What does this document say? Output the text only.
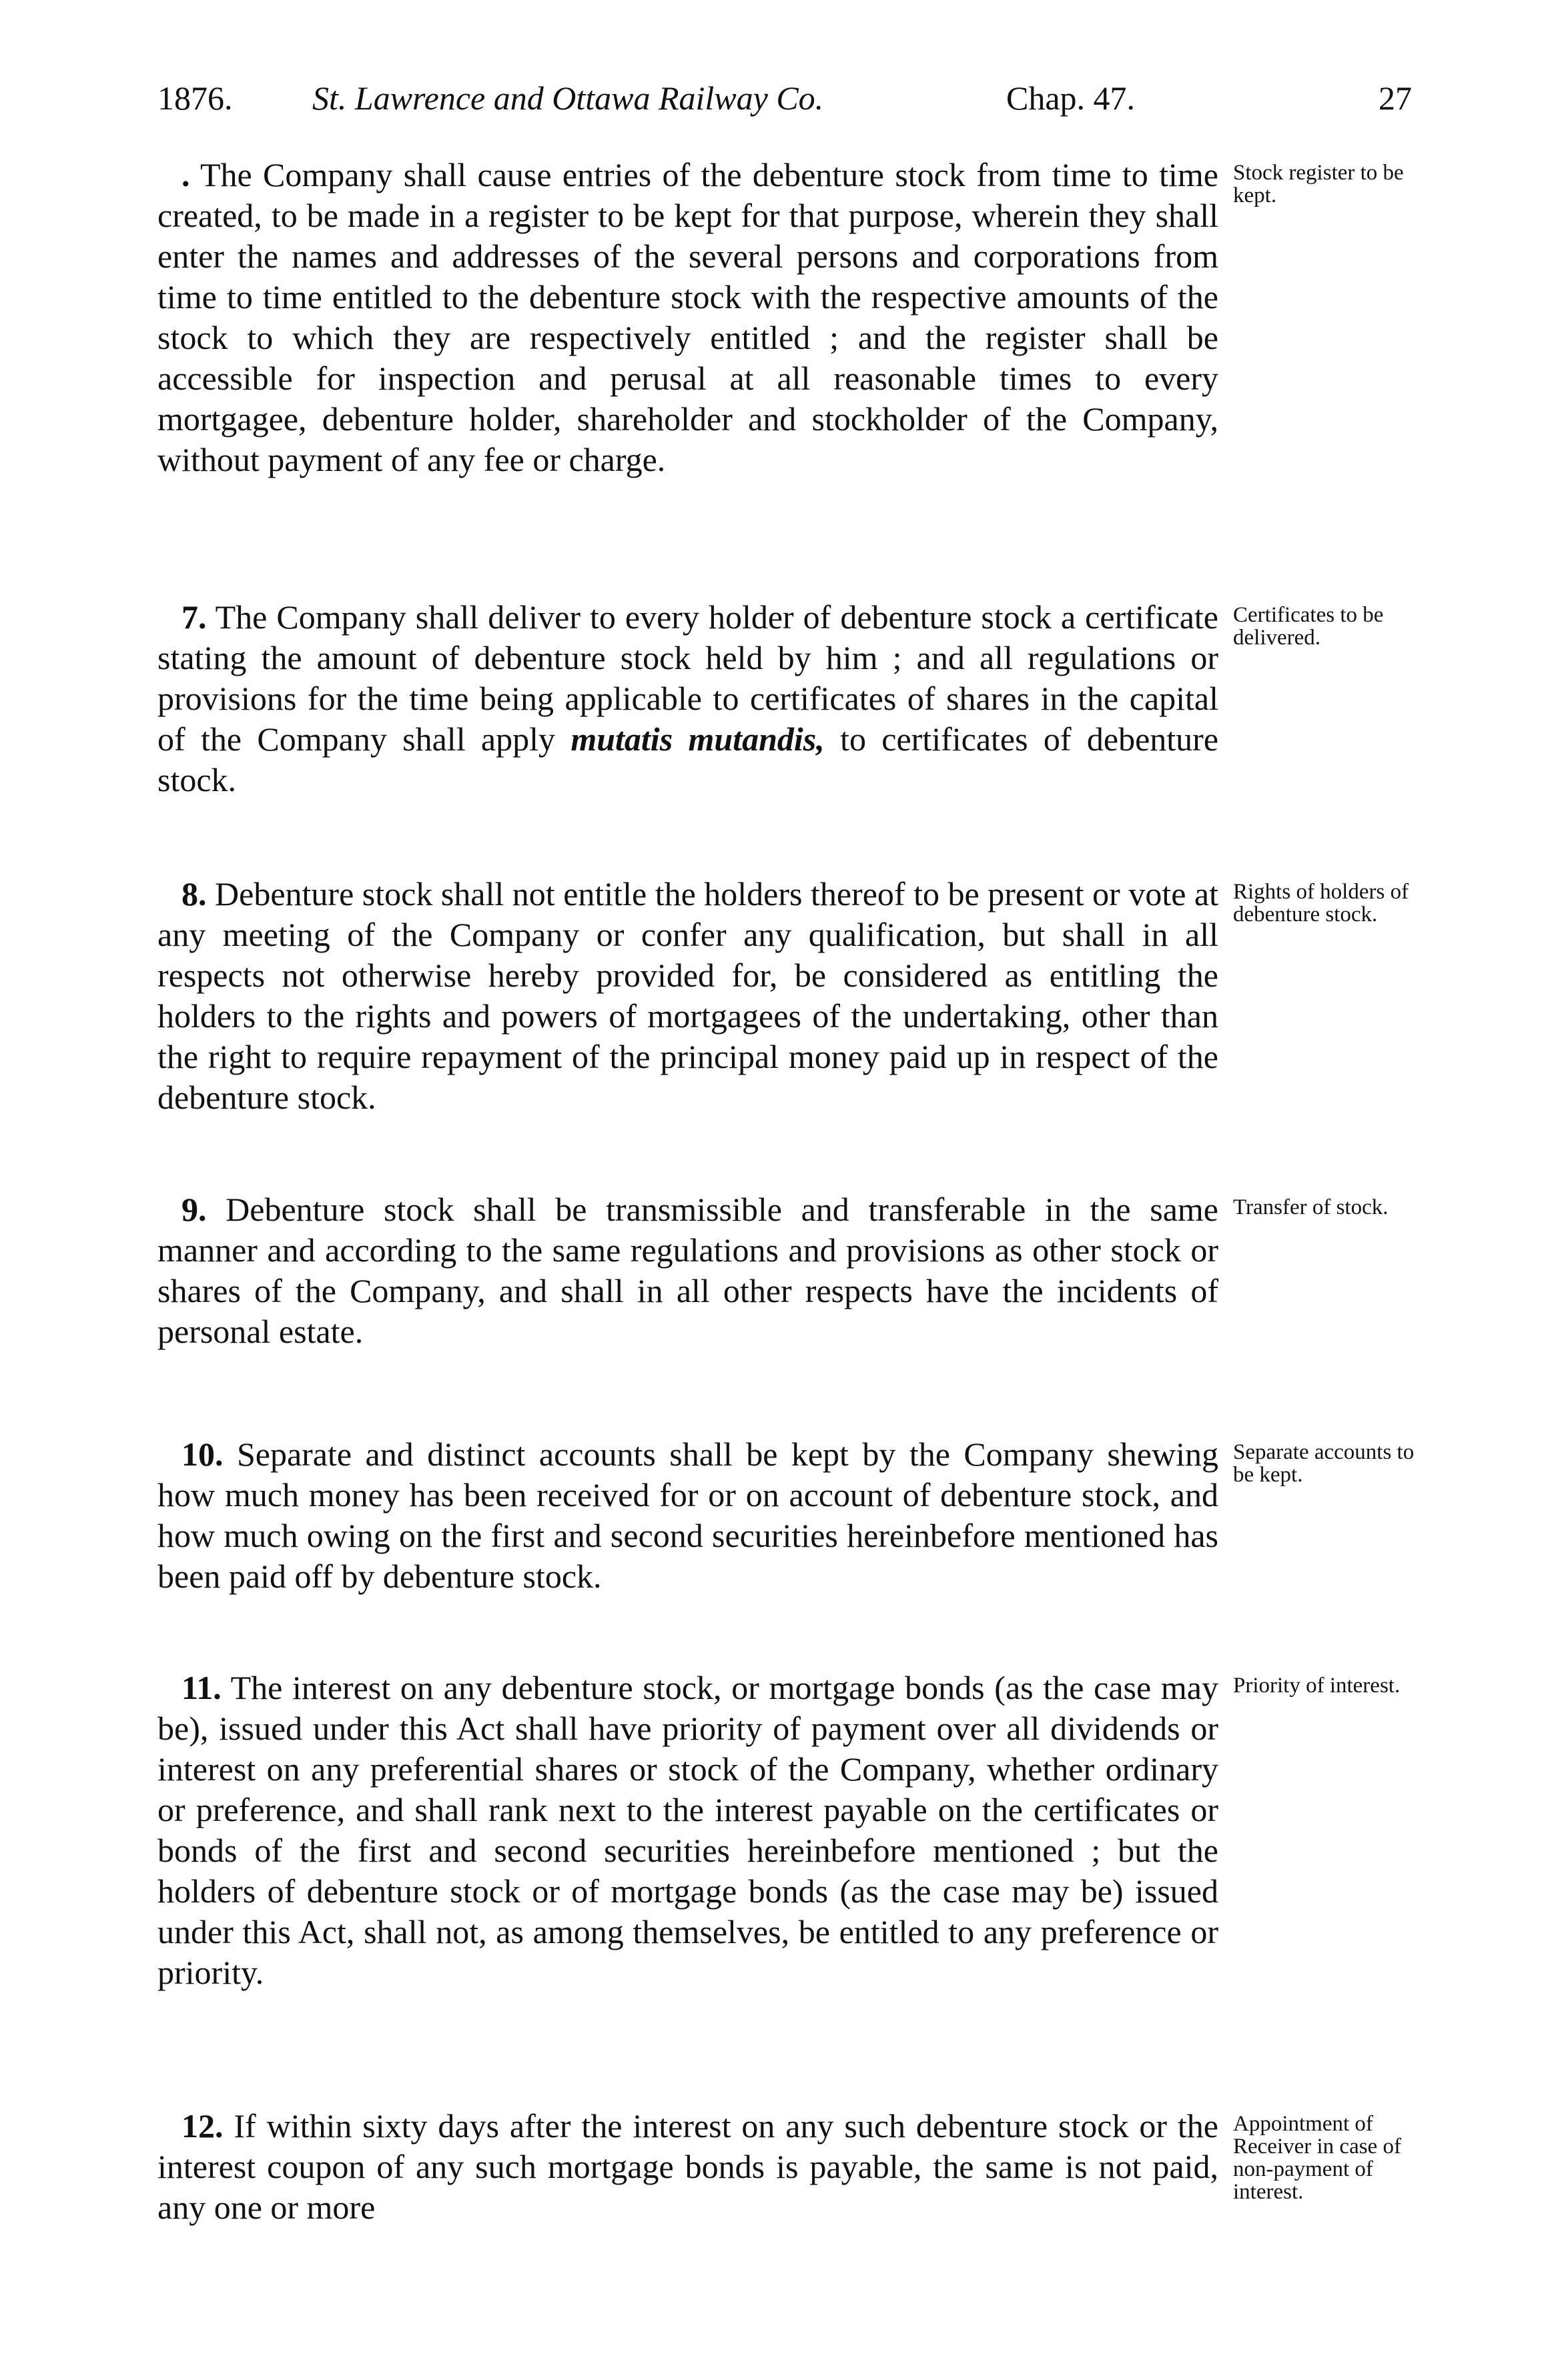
1876. St. Lawrence and Ottawa Railway Co.	Chap. 47.	27

. The Company shall cause entries of the debenture stock from time to time created, to be made in a register to be kept for that purpose, wherein they shall enter the names and addresses of the several persons and corporations from time to time entitled to the debenture stock with the respective amounts of the stock to which they are respectively entitled ; and the register shall be accessible for inspection and perusal at all reasonable times to every mortgagee, debenture holder, shareholder and stockholder of the Company, without payment of any fee or charge.

Stock register to be kept.

7. The Company shall deliver to every holder of debenture stock a certificate stating the amount of debenture stock held by him ; and all regulations or provisions for the time being applicable to certificates of shares in the capital of the Company shall apply mutatis mutandis, to certificates of debenture stock.

Certificates to be delivered.

8. Debenture stock shall not entitle the holders thereof to be present or vote at any meeting of the Company or confer any qualification, but shall in all respects not otherwise hereby provided for, be considered as entitling the holders to the rights and powers of mortgagees of the undertaking, other than the right to require repayment of the principal money paid up in respect of the debenture stock.

Rights of holders of debenture stock.

9. Debenture stock shall be transmissible and transferable in the same manner and according to the same regulations and provisions as other stock or shares of the Company, and shall in all other respects have the incidents of personal estate.

Transfer of stock.

10. Separate and distinct accounts shall be kept by the Company shewing how much money has been received for or on account of debenture stock, and how much owing on the first and second securities hereinbefore mentioned has been paid off by debenture stock.

Separate accounts to be kept.

11. The interest on any debenture stock, or mortgage bonds (as the case may be), issued under this Act shall have priority of payment over all dividends or interest on any preferential shares or stock of the Company, whether ordinary or preference, and shall rank next to the interest payable on the certificates or bonds of the first and second securities hereinbefore mentioned ; but the holders of debenture stock or of mortgage bonds (as the case may be) issued under this Act, shall not, as among themselves, be entitled to any preference or priority.

Priority of interest.

12. If within sixty days after the interest on any such debenture stock or the interest coupon of any such mortgage bonds is payable, the same is not paid, any one or more

Appointment of Receiver in case of non-payment of interest.
